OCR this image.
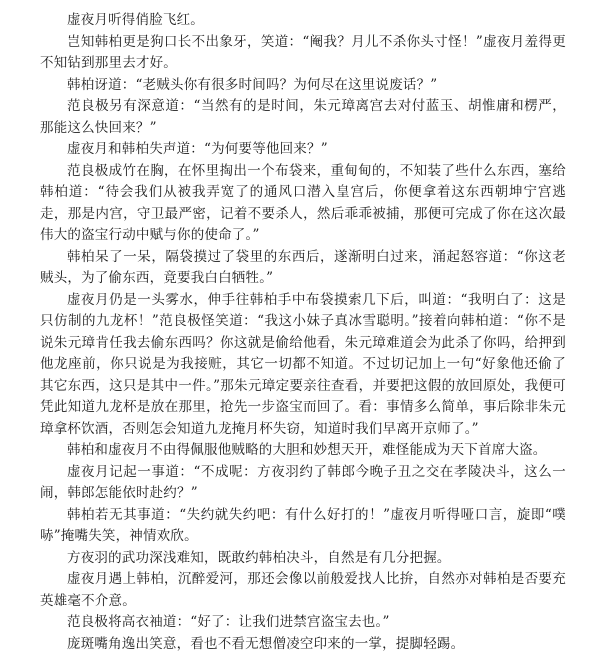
虚夜月听得俏脸飞红。

岂知韩柏更是狗口长不出象牙，笑道：“阉我？月儿不杀你头寸怪！”虚夜月羞得更不知钻到那里去才好。

韩柏讶道：“老贼头你有很多时间吗？为何尽在这里说废话？”

范良极另有深意道：“当然有的是时间，朱元璋离宫去对付蓝玉、胡惟庸和楞严，那能这么快回来？”

虚夜月和韩柏失声道：“为何要等他回来？”

范良极成竹在胸，在怀里掏出一个布袋来，重甸甸的，不知装了些什么东西，塞给韩柏道：“待会我们从被我弄宽了的通风口潜入皇宫后，你便拿着这东西朝坤宁宫逃走，那是内宫，守卫最严密，记着不要杀人，然后乖乖被捕，那便可完成了你在这次最伟大的盗宝行动中赋与你的使命了。”

韩柏呆了一呆，隔袋摸过了袋里的东西后，遂渐明白过来，涌起怒容道：“你这老贼头，为了偷东西，竟要我白白牺牲。”

虚夜月仍是一头雾水，伸手往韩柏手中布袋摸索几下后，叫道：“我明白了：这是只仿制的九龙杯！”范良极怪笑道：“我这小妹子真冰雪聪明。”接着向韩柏道：“你不是说朱元璋肯任我去偷东西吗？你这就是偷给他看，朱元璋难道会为此杀了你吗，给押到他龙座前，你只说是为我接赃，其它一切都不知道。不过切记加上一句“好象他还偷了其它东西，这只是其中一件。”那朱元璋定要亲往查看，并要把这假的放回原处，我便可凭此知道九龙杯是放在那里，抢先一步盗宝而回了。看：事情多么简单，事后除非朱元璋拿杯饮酒，否则怎会知道九龙掩月杯失窃，知道时我们早离开京师了。”

韩柏和虚夜月不由得佩服他贼略的大胆和妙想天开，难怪能成为天下首席大盗。

虚夜月记起一事道：“不成呢：方夜羽约了韩郎今晚子丑之交在孝陵决斗，这么一闹，韩郎怎能依时赴约？”

韩柏若无其事道：“失约就失约吧：有什么好打的！”虚夜月听得哑口言，旋即“噗哧”掩嘴失笑，神情欢欣。

方夜羽的武功深浅难知，既敢约韩柏决斗，自然是有几分把握。

虚夜月遇上韩柏，沉醉爱河，那还会像以前般爱找人比拚，自然亦对韩柏是否要充英雄毫不介意。

范良极将高衣袖道：“好了：让我们进禁宫盗宝去也。”

庞斑嘴角逸出笑意，看也不看无想僧凌空印来的一掌，提脚轻踢。
